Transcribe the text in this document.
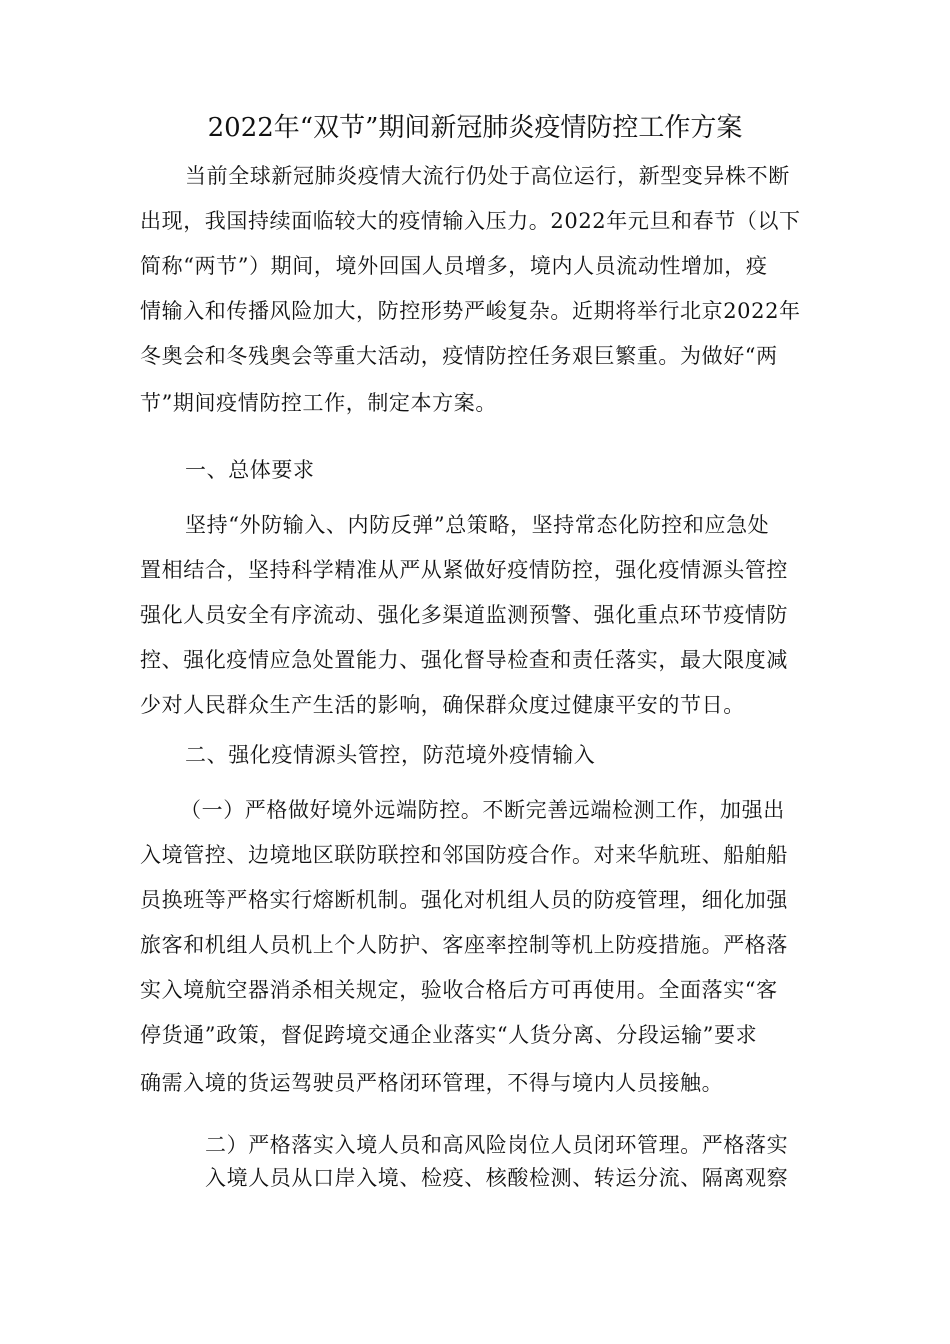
2022年“双节”期间新冠肺炎疫情防控工作方案
当前全球新冠肺炎疫情大流行仍处于高位运行，新型变异株不断
出现，我国持续面临较大的疫情输入压力。2022年元旦和春节（以下
简称“两节”）期间，境外回国人员增多，境内人员流动性增加，疫
情输入和传播风险加大，防控形势严峻复杂。近期将举行北京2022年
冬奥会和冬残奥会等重大活动，疫情防控任务艰巨繁重。为做好“两
节”期间疫情防控工作，制定本方案。
一、总体要求
坚持“外防输入、内防反弹”总策略，坚持常态化防控和应急处
置相结合，坚持科学精准从严从紧做好疫情防控，强化疫情源头管控
强化人员安全有序流动、强化多渠道监测预警、强化重点环节疫情防
控、强化疫情应急处置能力、强化督导检查和责任落实，最大限度减
少对人民群众生产生活的影响，确保群众度过健康平安的节日。
二、强化疫情源头管控，防范境外疫情输入
（一）严格做好境外远端防控。不断完善远端检测工作，加强出
入境管控、边境地区联防联控和邻国防疫合作。对来华航班、船舶船
员换班等严格实行熔断机制。强化对机组人员的防疫管理，细化加强
旅客和机组人员机上个人防护、客座率控制等机上防疫措施。严格落
实入境航空器消杀相关规定，验收合格后方可再使用。全面落实“客
停货通”政策，督促跨境交通企业落实“人货分离、分段运输”要求
确需入境的货运驾驶员严格闭环管理，不得与境内人员接触。
二）严格落实入境人员和高风险岗位人员闭环管理。严格落实
入境人员从口岸入境、检疫、核酸检测、转运分流、隔离观察
